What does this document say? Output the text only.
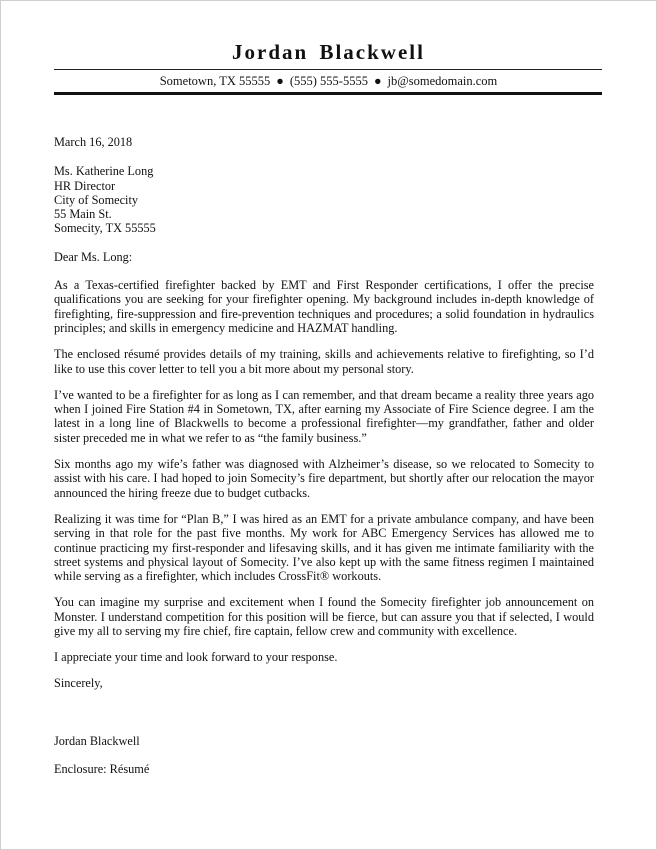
Jordan Blackwell
Sometown, TX 55555 ● (555) 555-5555 ● jb@somedomain.com
March 16, 2018
Ms. Katherine Long
HR Director
City of Somecity
55 Main St.
Somecity, TX 55555
Dear Ms. Long:

As a Texas-certified firefighter backed by EMT and First Responder certifications, I offer the precise qualifications you are seeking for your firefighter opening. My background includes in-depth knowledge of firefighting, fire-suppression and fire-prevention techniques and procedures; a solid foundation in hydraulics principles; and skills in emergency medicine and HAZMAT handling.

The enclosed résumé provides details of my training, skills and achievements relative to firefighting, so I’d like to use this cover letter to tell you a bit more about my personal story.

I’ve wanted to be a firefighter for as long as I can remember, and that dream became a reality three years ago when I joined Fire Station #4 in Sometown, TX, after earning my Associate of Fire Science degree. I am the latest in a long line of Blackwells to become a professional firefighter—my grandfather, father and older sister preceded me in what we refer to as “the family business.”

Six months ago my wife’s father was diagnosed with Alzheimer’s disease, so we relocated to Somecity to assist with his care. I had hoped to join Somecity’s fire department, but shortly after our relocation the mayor announced the hiring freeze due to budget cutbacks.

Realizing it was time for “Plan B,” I was hired as an EMT for a private ambulance company, and have been serving in that role for the past five months. My work for ABC Emergency Services has allowed me to continue practicing my first-responder and lifesaving skills, and it has given me intimate familiarity with the street systems and physical layout of Somecity. I’ve also kept up with the same fitness regimen I maintained while serving as a firefighter, which includes CrossFit® workouts.

You can imagine my surprise and excitement when I found the Somecity firefighter job announcement on Monster. I understand competition for this position will be fierce, but can assure you that if selected, I would give my all to serving my fire chief, fire captain, fellow crew and community with excellence.

I appreciate your time and look forward to your response.
Sincerely,
Jordan Blackwell
Enclosure: Résumé
